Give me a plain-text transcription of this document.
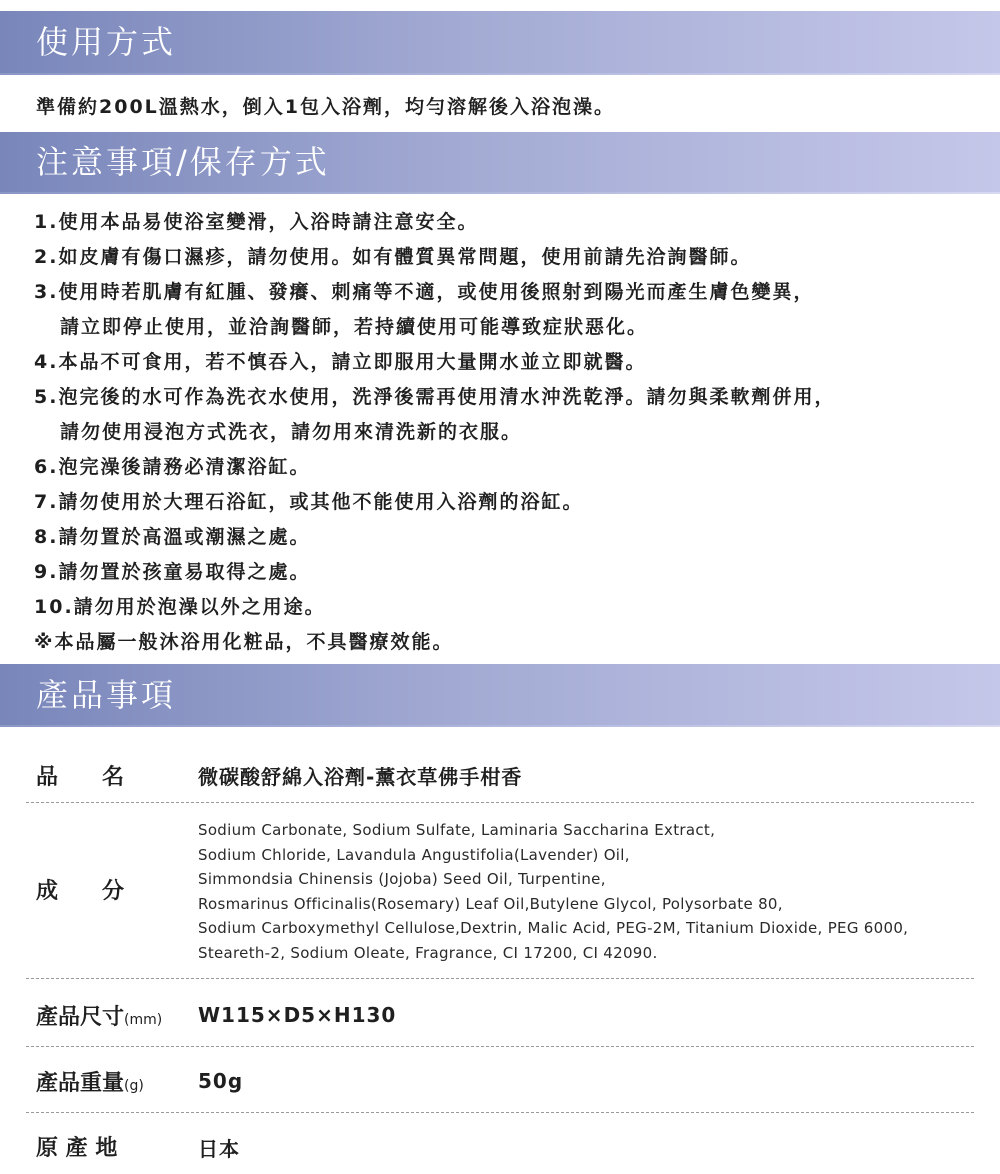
使用方式

準備約200L溫熱水，倒入1包入浴劑，均勻溶解後入浴泡澡。

注意事項/保存方式
1.使用本品易使浴室變滑，入浴時請注意安全。
2.如皮膚有傷口濕疹，請勿使用。如有體質異常問題，使用前請先洽詢醫師。
3.使用時若肌膚有紅腫、發癢、刺痛等不適，或使用後照射到陽光而產生膚色變異，
請立即停止使用，並洽詢醫師，若持續使用可能導致症狀惡化。
4.本品不可食用，若不慎吞入，請立即服用大量開水並立即就醫。
5.泡完後的水可作為洗衣水使用，洗淨後需再使用清水沖洗乾淨。請勿與柔軟劑併用，
請勿使用浸泡方式洗衣，請勿用來清洗新的衣服。
6.泡完澡後請務必清潔浴缸。
7.請勿使用於大理石浴缸，或其他不能使用入浴劑的浴缸。
8.請勿置於高溫或潮濕之處。
9.請勿置於孩童易取得之處。
10.請勿用於泡澡以外之用途。
※本品屬一般沐浴用化粧品，不具醫療效能。
產品事項
品　　名	微碳酸舒綿入浴劑-薰衣草佛手柑香
成　　分
Sodium Carbonate, Sodium Sulfate, Laminaria Saccharina Extract,
Sodium Chloride, Lavandula Angustifolia(Lavender) Oil,
Simmondsia Chinensis (Jojoba) Seed Oil, Turpentine,
Rosmarinus Officinalis(Rosemary) Leaf Oil,Butylene Glycol, Polysorbate 80,
Sodium Carboxymethyl Cellulose,Dextrin, Malic Acid, PEG-2M, Titanium Dioxide, PEG 6000,
Steareth-2, Sodium Oleate, Fragrance, CI 17200, CI 42090.
產品尺寸(mm) W115×D5×H130
產品重量(g)	50g
原 產 地	日本
